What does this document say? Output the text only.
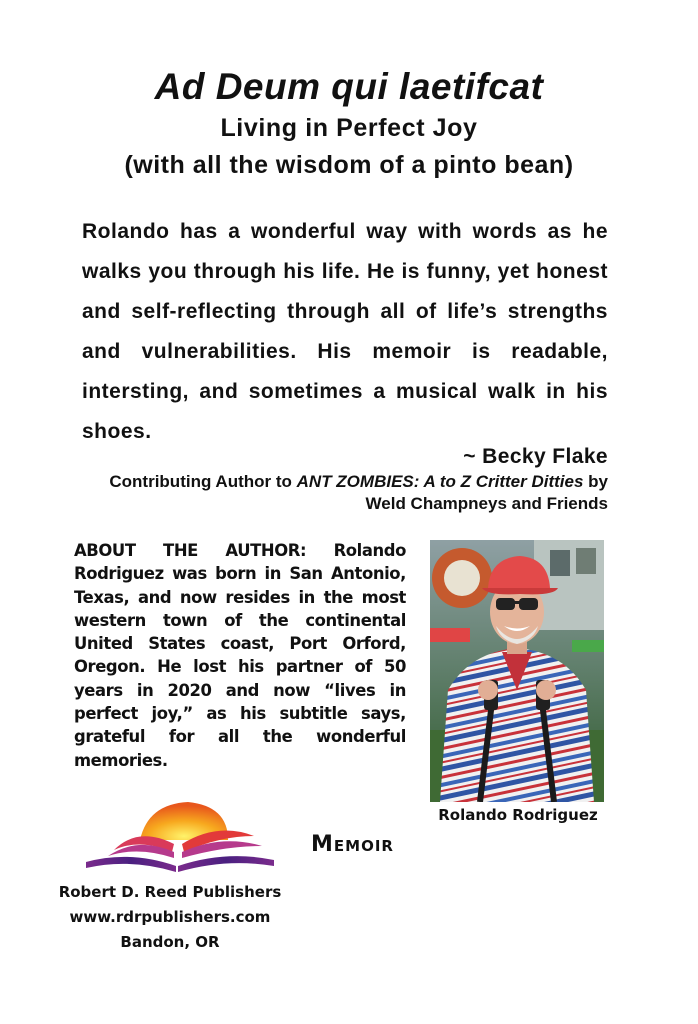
Ad Deum qui laetifcat
Living in Perfect Joy
(with all the wisdom of a pinto bean)

Rolando has a wonderful way with words as he walks you through his life. He is funny, yet honest and self-reflecting through all of life’s strengths and vulnerabilities. His memoir is readable, intersting, and sometimes a musical walk in his shoes.

~ Becky Flake
Contributing Author to ANT ZOMBIES: A to Z Critter Ditties by Weld Champneys and Friends

ABOUT THE AUTHOR: Rolando Rodriguez was born in San Antonio, Texas, and now resides in the most western town of the continental United States coast, Port Orford, Oregon. He lost his partner of 50 years in 2020 and now “lives in perfect joy,” as his subtitle says, grateful for all the wonderful memories.

Rolando Rodriguez
Memoir
Robert D. Reed Publishers
www.rdrpublishers.com
Bandon, OR
